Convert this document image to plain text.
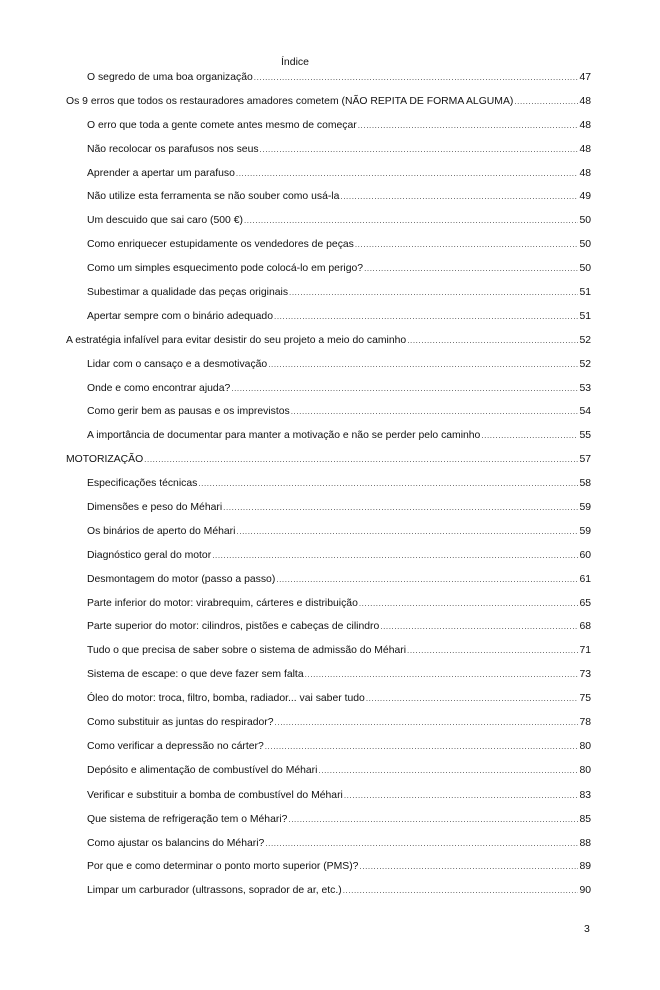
Índice
O segredo de uma boa organização .....	47
Os 9 erros que todos os restauradores amadores cometem (NÃO REPITA DE FORMA ALGUMA) .....	48
O erro que toda a gente comete antes mesmo de começar .....	48
Não recolocar os parafusos nos seus .....	48
Aprender a apertar um parafuso .....	48
Não utilize esta ferramenta se não souber como usá-la .....	49
Um descuido que sai caro (500 €) .....	50
Como enriquecer estupidamente os vendedores de peças .....	50
Como um simples esquecimento pode colocá-lo em perigo? .....	50
Subestimar a qualidade das peças originais .....	51
Apertar sempre com o binário adequado .....	51
A estratégia infalível para evitar desistir do seu projeto a meio do caminho .....	52
Lidar com o cansaço e a desmotivação .....	52
Onde e como encontrar ajuda? .....	53
Como gerir bem as pausas e os imprevistos .....	54
A importância de documentar para manter a motivação e não se perder pelo caminho .....	55
MOTORIZAÇÃO .....	57
Especificações técnicas .....	58
Dimensões e peso do Méhari .....	59
Os binários de aperto do Méhari .....	59
Diagnóstico geral do motor .....	60
Desmontagem do motor (passo a passo) .....	61
Parte inferior do motor: virabrequim, cárteres e distribuição .....	65
Parte superior do motor: cilindros, pistões e cabeças de cilindro .....	68
Tudo o que precisa de saber sobre o sistema de admissão do Méhari .....	71
Sistema de escape: o que deve fazer sem falta .....	73
Óleo do motor: troca, filtro, bomba, radiador... vai saber tudo .....	75
Como substituir as juntas do respirador? .....	78
Como verificar a depressão no cárter? .....	80
Depósito e alimentação de combustível do Méhari .....	80
Verificar e substituir a bomba de combustível do Méhari .....	83
Que sistema de refrigeração tem o Méhari? .....	85
Como ajustar os balancins do Méhari? .....	88
Por que e como determinar o ponto morto superior (PMS)? .....	89
Limpar um carburador (ultrassons, soprador de ar, etc.) .....	90
3
